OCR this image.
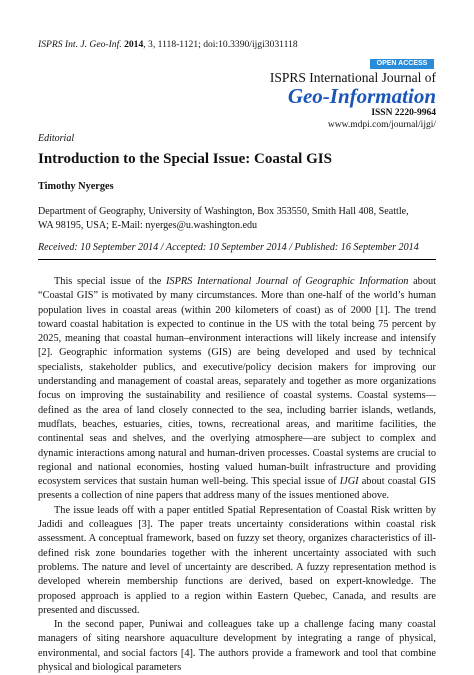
ISPRS Int. J. Geo-Inf. 2014, 3, 1118-1121; doi:10.3390/ijgi3031118
OPEN ACCESS
ISPRS International Journal of
Geo-Information
ISSN 2220-9964
www.mdpi.com/journal/ijgi/
Editorial
Introduction to the Special Issue: Coastal GIS
Timothy Nyerges
Department of Geography, University of Washington, Box 353550, Smith Hall 408, Seattle,
WA 98195, USA; E-Mail: nyerges@u.washington.edu
Received: 10 September 2014 / Accepted: 10 September 2014 / Published: 16 September 2014

This special issue of the ISPRS International Journal of Geographic Information about “Coastal GIS” is motivated by many circumstances. More than one-half of the world’s human population lives in coastal areas (within 200 kilometers of coast) as of 2000 [1]. The trend toward coastal habitation is expected to continue in the US with the total being 75 percent by 2025, meaning that coastal human–environment interactions will likely increase and intensify [2]. Geographic information systems (GIS) are being developed and used by technical specialists, stakeholder publics, and executive/policy decision makers for improving our understanding and management of coastal areas, separately and together as more organizations focus on improving the sustainability and resilience of coastal systems. Coastal systems—defined as the area of land closely connected to the sea, including barrier islands, wetlands, mudflats, beaches, estuaries, cities, towns, recreational areas, and maritime facilities, the continental seas and shelves, and the overlying atmosphere—are subject to complex and dynamic interactions among natural and human-driven processes. Coastal systems are crucial to regional and national economies, hosting valued human-built infrastructure and providing ecosystem services that sustain human well-being. This special issue of IJGI about coastal GIS presents a collection of nine papers that address many of the issues mentioned above.

The issue leads off with a paper entitled Spatial Representation of Coastal Risk written by Jadidi and colleagues [3]. The paper treats uncertainty considerations within coastal risk assessment. A conceptual framework, based on fuzzy set theory, organizes characteristics of ill-defined risk zone boundaries together with the inherent uncertainty associated with such problems. The nature and level of uncertainty are described. A fuzzy representation method is developed wherein membership functions are derived, based on expert-knowledge. The proposed approach is applied to a region within Eastern Quebec, Canada, and results are presented and discussed.

In the second paper, Puniwai and colleagues take up a challenge facing many coastal managers of siting nearshore aquaculture development by integrating a range of physical, environmental, and social factors [4]. The authors provide a framework and tool that combine physical and biological parameters
